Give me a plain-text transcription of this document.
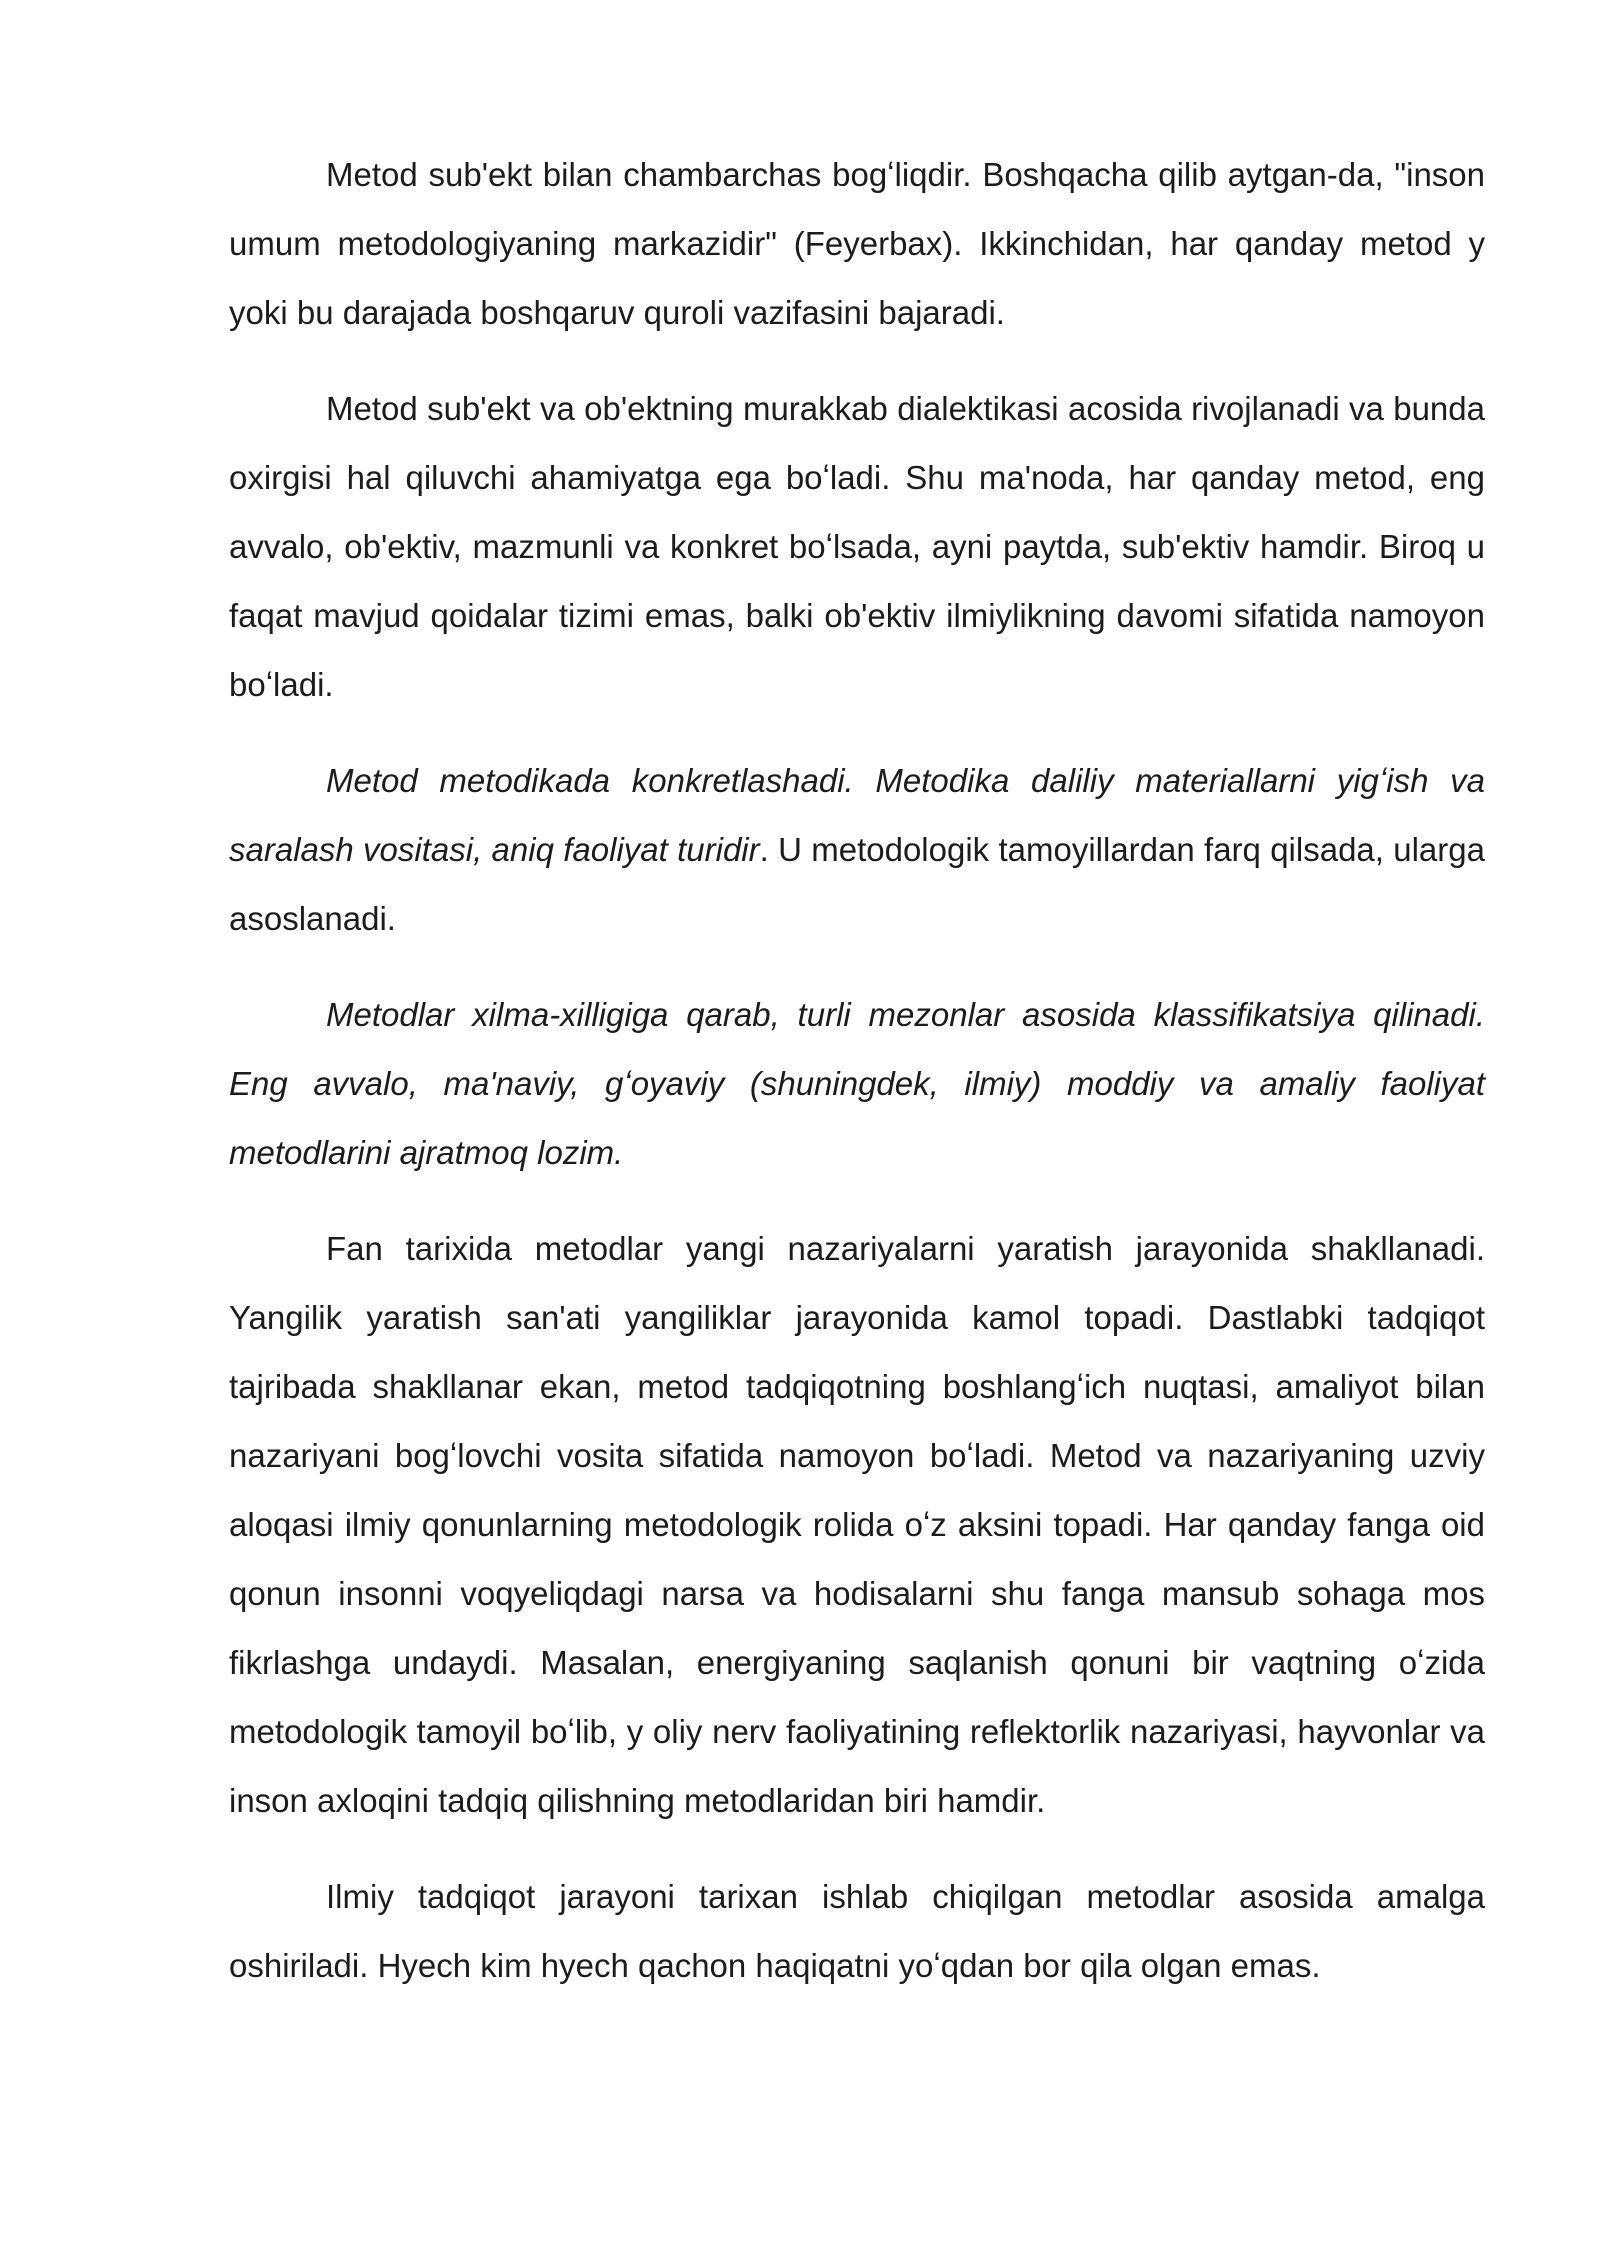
Metod sub'ekt bilan chambarchas bogʻliqdir. Boshqacha qilib aytgan-da, "inson umum metodologiyaning markazidir" (Feyerbax). Ikkinchidan, har qanday metod y yoki bu darajada boshqaruv quroli vazifasini bajaradi.

Metod sub'ekt va ob'ektning murakkab dialektikasi acosida rivojlanadi va bunda oxirgisi hal qiluvchi ahamiyatga ega boʻladi. Shu ma'noda, har qanday metod, eng avvalo, ob'ektiv, mazmunli va konkret boʻlsada, ayni paytda, sub'ektiv hamdir. Biroq u faqat mavjud qoidalar tizimi emas, balki ob'ektiv ilmiylikning davomi sifatida namoyon boʻladi.

Metod metodikada konkretlashadi. Metodika daliliy materiallarni yigʻish va saralash vositasi, aniq faoliyat turidir. U metodologik tamoyillardan farq qilsada, ularga asoslanadi.

Metodlar xilma-xilligiga qarab, turli mezonlar asosida klassifikatsiya qilinadi. Eng avvalo, ma'naviy, gʻoyaviy (shuningdek, ilmiy) moddiy va amaliy faoliyat metodlarini ajratmoq lozim.

Fan tarixida metodlar yangi nazariyalarni yaratish jarayonida shakllanadi. Yangilik yaratish san'ati yangiliklar jarayonida kamol topadi. Dastlabki tadqiqot tajribada shakllanar ekan, metod tadqiqotning boshlangʻich nuqtasi, amaliyot bilan nazariyani bogʻlovchi vosita sifatida namoyon boʻladi. Metod va nazariyaning uzviy aloqasi ilmiy qonunlarning metodologik rolida oʻz aksini topadi. Har qanday fanga oid qonun insonni voqyeliqdagi narsa va hodisalarni shu fanga mansub sohaga mos fikrlashga undaydi. Masalan, energiyaning saqlanish qonuni bir vaqtning oʻzida metodologik tamoyil boʻlib, y oliy nerv faoliyatining reflektorlik nazariyasi, hayvonlar va inson axloqini tadqiq qilishning metodlaridan biri hamdir.

Ilmiy tadqiqot jarayoni tarixan ishlab chiqilgan metodlar asosida amalga oshiriladi. Hyech kim hyech qachon haqiqatni yoʻqdan bor qila olgan emas.
